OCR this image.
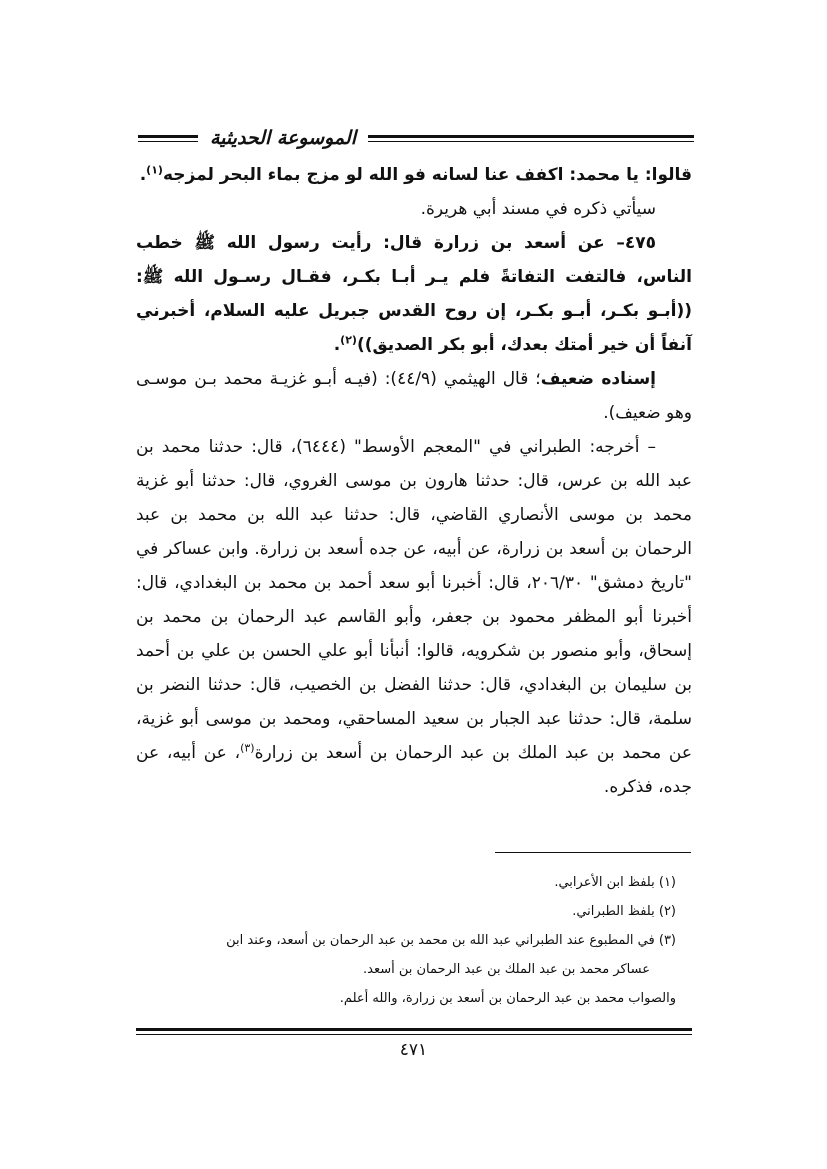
الموسوعة الحديثية

قالوا: يا محمد: اكفف عنا لسانه فو الله لو مزج بماء البحر لمزجه$^{(١)}$.

سيأتي ذكره في مسند أبي هريرة.

٤٧٥– عن أسعد بن زرارة قال: رأيت رسول الله ﷺ خطب الناس، فالتفت التفاتةً فلم يـر أبـا بكـر، فقـال رسـول الله ﷺ: ((أبـو بكـر، أبـو بكـر، إن روح القدس جبريل عليه السلام، أخبرني آنفاً أن خير أمتك بعدك، أبو بكر الصديق))$^{(٢)}$.

إسناده ضعيف؛ قال الهيثمي (٤٤/٩): (فيـه أبـو غزيـة محمد بـن موسـى وهو ضعيف).

– أخرجه: الطبراني في "المعجم الأوسط" (٦٤٤٤)، قال: حدثنا محمد بن عبد الله بن عرس، قال: حدثنا هارون بن موسى الغروي، قال: حدثنا أبو غزية محمد بن موسى الأنصاري القاضي، قال: حدثنا عبد الله بن محمد بن عبد الرحمان بن أسعد بن زرارة، عن أبيه، عن جده أسعد بن زرارة. وابن عساكر في "تاريخ دمشق" ٢٠٦/٣٠، قال: أخبرنا أبو سعد أحمد بن محمد بن البغدادي، قال: أخبرنا أبو المظفر محمود بن جعفر، وأبو القاسم عبد الرحمان بن محمد بن إسحاق، وأبو منصور بن شكرويه، قالوا: أنبأنا أبو علي الحسن بن علي بن أحمد بن سليمان بن البغدادي، قال: حدثنا الفضل بن الخصيب، قال: حدثنا النضر بن سلمة، قال: حدثنا عبد الجبار بن سعيد المساحقي، ومحمد بن موسى أبو غزية، عن محمد بن عبد الملك بن عبد الرحمان بن أسعد بن زرارة$^{(٣)}$، عن أبيه، عن جده، فذكره.

(١) بلفظ ابن الأعرابي.

(٢) بلفظ الطبراني.

(٣) في المطبوع عند الطبراني عبد الله بن محمد بن عبد الرحمان بن أسعد، وعند ابن

عساكر محمد بن عبد الملك بن عبد الرحمان بن أسعد.

والصواب محمد بن عبد الرحمان بن أسعد بن زرارة، والله أعلم.

٤٧١
